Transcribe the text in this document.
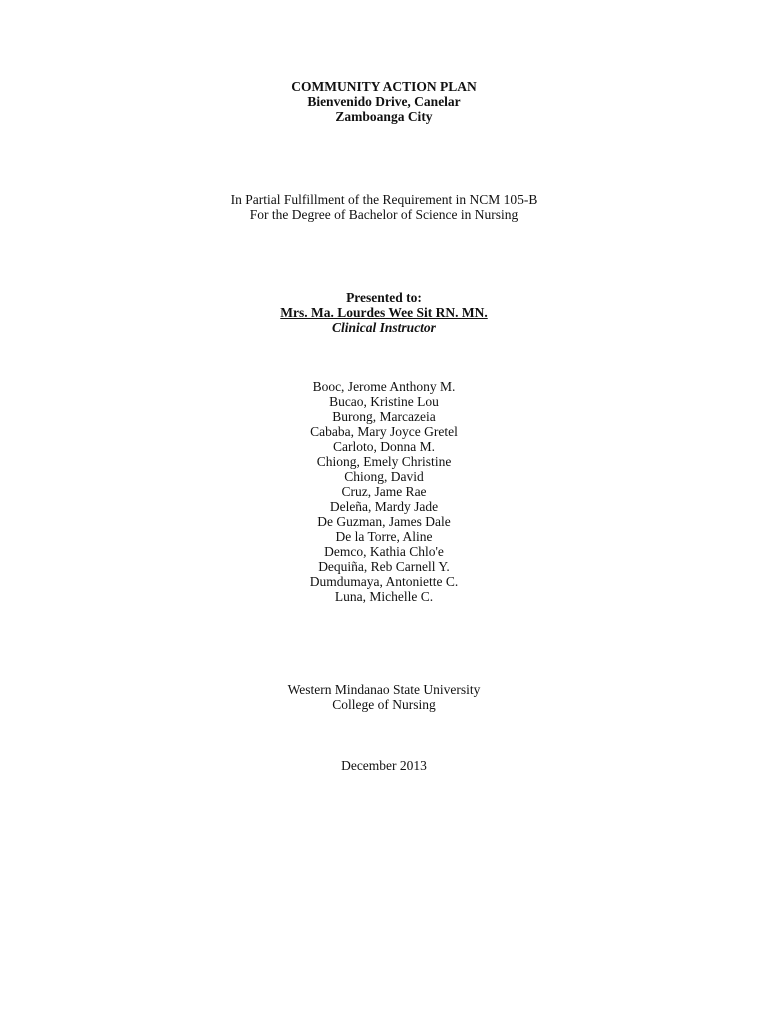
COMMUNITY ACTION PLAN
Bienvenido Drive, Canelar
Zamboanga City
In Partial Fulfillment of the Requirement in NCM 105-B
For the Degree of Bachelor of Science in Nursing
Presented to:
Mrs. Ma. Lourdes Wee Sit RN. MN.
Clinical Instructor
Booc, Jerome Anthony M.
Bucao, Kristine Lou
Burong, Marcazeia
Cababa, Mary Joyce Gretel
Carloto, Donna M.
Chiong, Emely Christine
Chiong, David
Cruz, Jame Rae
Deleña, Mardy Jade
De Guzman, James Dale
De la Torre, Aline
Demco, Kathia Chlo'e
Dequiña, Reb Carnell Y.
Dumdumaya, Antoniette C.
Luna, Michelle C.
Western Mindanao State University
College of Nursing
December 2013
